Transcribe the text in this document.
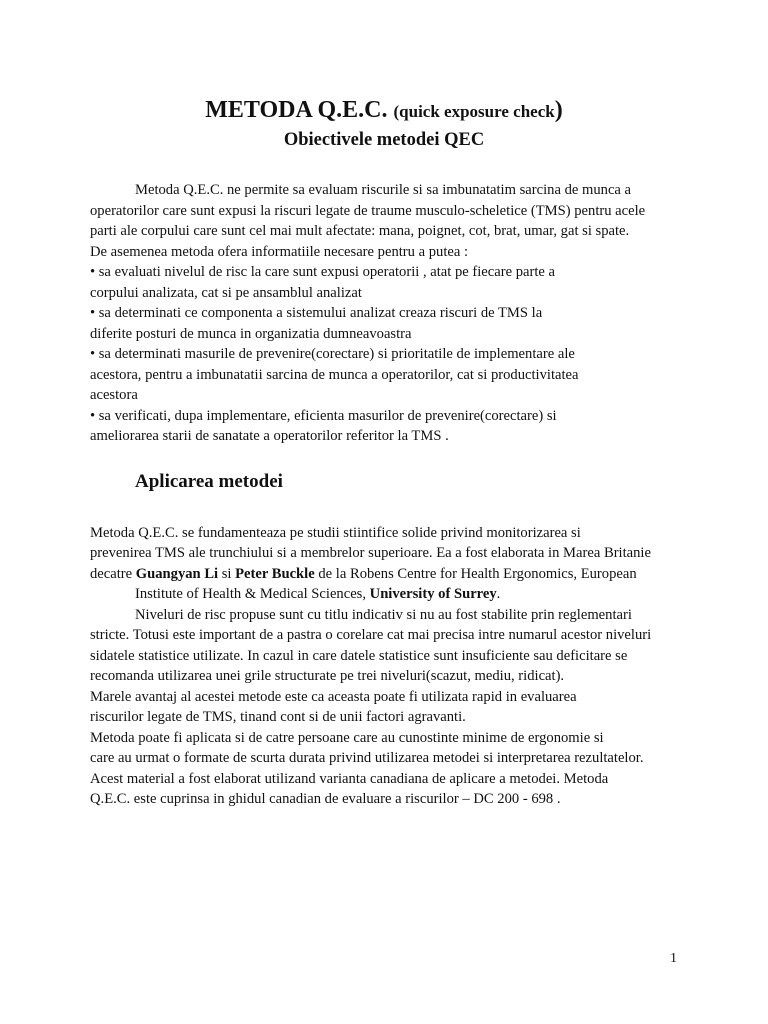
METODA Q.E.C. (quick exposure check)
Obiectivele metodei QEC
Metoda Q.E.C. ne permite sa evaluam riscurile si sa imbunatatim sarcina de munca a
operatorilor care sunt expusi la riscuri legate de traume musculo-scheletice (TMS) pentru acele
parti ale corpului care sunt cel mai mult afectate: mana, poignet, cot, brat, umar, gat si spate.
De asemenea metoda ofera informatiile necesare pentru a putea :
• sa evaluati nivelul de risc la care sunt expusi operatorii , atat pe fiecare parte a
corpului analizata, cat si pe ansamblul analizat
• sa determinati ce componenta a sistemului analizat creaza riscuri de TMS la
diferite posturi de munca in organizatia dumneavoastra
• sa determinati masurile de prevenire(corectare) si prioritatile de implementare ale
acestora, pentru a imbunatatii sarcina de munca a operatorilor, cat si productivitatea
acestora
• sa verificati, dupa implementare, eficienta masurilor de prevenire(corectare) si
ameliorarea starii de sanatate a operatorilor referitor la TMS .
Aplicarea metodei
Metoda Q.E.C. se fundamenteaza pe studii stiintifice solide privind monitorizarea si
prevenirea TMS ale trunchiului si a membrelor superioare. Ea a fost elaborata in Marea Britanie
decatre Guangyan Li si Peter Buckle de la Robens Centre for Health Ergonomics, European
Institute of Health & Medical Sciences, University of Surrey.
Niveluri de risc propuse sunt cu titlu indicativ si nu au fost stabilite prin reglementari
stricte. Totusi este important de a pastra o corelare cat mai precisa intre numarul acestor niveluri
sidatele statistice utilizate. In cazul in care datele statistice sunt insuficiente sau deficitare se
recomanda utilizarea unei grile structurate pe trei niveluri(scazut, mediu, ridicat).
Marele avantaj al acestei metode este ca aceasta poate fi utilizata rapid in evaluarea
riscurilor legate de TMS, tinand cont si de unii factori agravanti.
Metoda poate fi aplicata si de catre persoane care au cunostinte minime de ergonomie si
care au urmat o formate de scurta durata privind utilizarea metodei si interpretarea rezultatelor.
Acest material a fost elaborat utilizand varianta canadiana de aplicare a metodei. Metoda
Q.E.C. este cuprinsa in ghidul canadian de evaluare a riscurilor – DC 200 - 698 .
1
